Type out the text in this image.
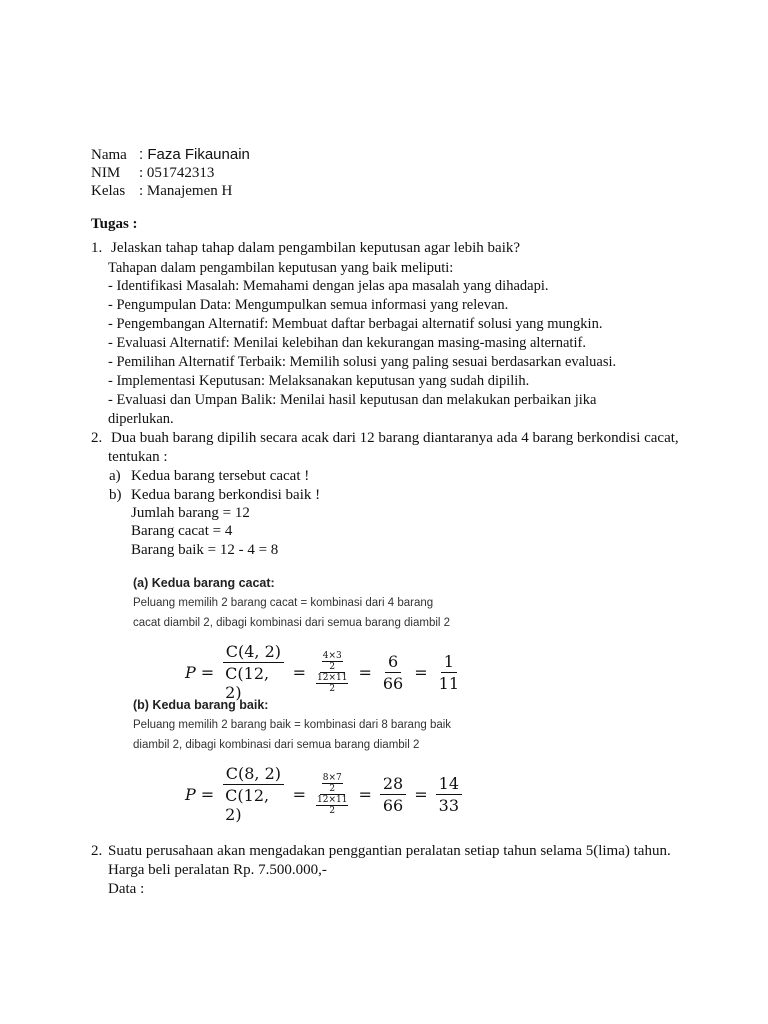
Nama : Faza Fikaunain
NIM : 051742313
Kelas : Manajemen H
Tugas :
1. Jelaskan tahap tahap dalam pengambilan keputusan agar lebih baik?
Tahapan dalam pengambilan keputusan yang baik meliputi:
- Identifikasi Masalah: Memahami dengan jelas apa masalah yang dihadapi.
- Pengumpulan Data: Mengumpulkan semua informasi yang relevan.
- Pengembangan Alternatif: Membuat daftar berbagai alternatif solusi yang mungkin.
- Evaluasi Alternatif: Menilai kelebihan dan kekurangan masing-masing alternatif.
- Pemilihan Alternatif Terbaik: Memilih solusi yang paling sesuai berdasarkan evaluasi.
- Implementasi Keputusan: Melaksanakan keputusan yang sudah dipilih.
- Evaluasi dan Umpan Balik: Menilai hasil keputusan dan melakukan perbaikan jika
diperlukan.
2. Dua buah barang dipilih secara acak dari 12 barang diantaranya ada 4 barang berkondisi cacat,
tentukan :
a) Kedua barang tersebut cacat !
b) Kedua barang berkondisi baik !
Jumlah barang = 12
Barang cacat = 4
Barang baik = 12 - 4 = 8
(a) Kedua barang cacat:
Peluang memilih 2 barang cacat = kombinasi dari 4 barang
cacat diambil 2, dibagi kombinasi dari semua barang diambil 2
$P = \frac{C(4, 2)}{C(12, 2)} = 4\times 3$
2
12×11
$2 = \frac{6}{66} = \frac{1}{11}$
(b) Kedua barang baik:
Peluang memilih 2 barang baik = kombinasi dari 8 barang baik
diambil 2, dibagi kombinasi dari semua barang diambil 2
$P = \frac{C(8, 2)}{C(12, 2)} = 8\times 7$
2
12×11
$2 = \frac{28}{66} = \frac{14}{33}$
2. Suatu perusahaan akan mengadakan penggantian peralatan setiap tahun selama 5(lima) tahun.
Harga beli peralatan Rp. 7.500.000,-
Data :
